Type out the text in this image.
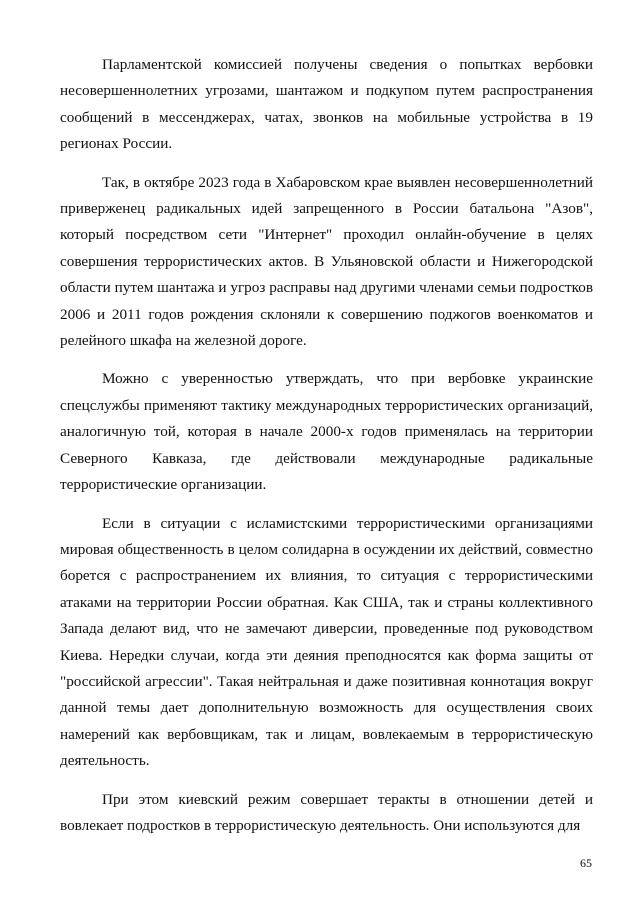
Парламентской комиссией получены сведения о попытках вербовки несовершеннолетних угрозами, шантажом и подкупом путем распространения сообщений в мессенджерах, чатах, звонков на мобильные устройства в 19 регионах России.

Так, в октябре 2023 года в Хабаровском крае выявлен несовершеннолетний приверженец радикальных идей запрещенного в России батальона "Азов", который посредством сети "Интернет" проходил онлайн-обучение в целях совершения террористических актов. В Ульяновской области и Нижегородской области путем шантажа и угроз расправы над другими членами семьи подростков 2006 и 2011 годов рождения склоняли к совершению поджогов военкоматов и релейного шкафа на железной дороге.

Можно с уверенностью утверждать, что при вербовке украинские спецслужбы применяют тактику международных террористических организаций, аналогичную той, которая в начале 2000-х годов применялась на территории Северного Кавказа, где действовали международные радикальные террористические организации.

Если в ситуации с исламистскими террористическими организациями мировая общественность в целом солидарна в осуждении их действий, совместно борется с распространением их влияния, то ситуация с террористическими атаками на территории России обратная. Как США, так и страны коллективного Запада делают вид, что не замечают диверсии, проведенные под руководством Киева. Нередки случаи, когда эти деяния преподносятся как форма защиты от "российской агрессии". Такая нейтральная и даже позитивная коннотация вокруг данной темы дает дополнительную возможность для осуществления своих намерений как вербовщикам, так и лицам, вовлекаемым в террористическую деятельность.

При этом киевский режим совершает теракты в отношении детей и вовлекает подростков в террористическую деятельность. Они используются для

65
